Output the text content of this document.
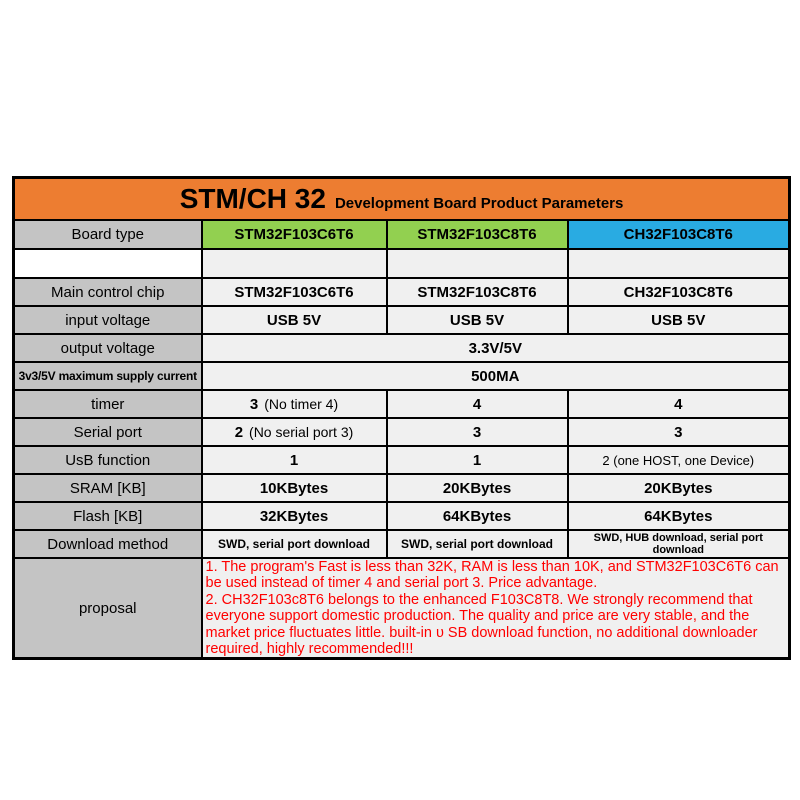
STM/CH 32 Development Board Product Parameters			

Board type	STM32F103C6T6	STM32F103C8T6	CH32F103C8T6

Main control chip	STM32F103C6T6	STM32F103C8T6	CH32F103C8T6
input voltage	USB 5V	USB 5V	USB 5V
output voltage	3.3V/5V		
3v3/5V maximum supply current	500MA		
timer	3 (No timer 4)	4	4
Serial port	2 (No serial port 3)	3	3
UsB function	1	1	2 (one HOST, one Device)
SRAM [KB]	10KBytes	20KBytes	20KBytes
Flash [KB]	32KBytes	64KBytes	64KBytes
Download method	SWD, serial port download	SWD, serial port download	SWD, HUB download, serial port download
proposal	1. The program's Fast is less than 32K, RAM is less than 10K, and STM32F103C6T6 can be used instead of timer 4 and serial port 3. Price advantage.
2. CH32F103c8T6 belongs to the enhanced F103C8T8. We strongly recommend that everyone support domestic production. The quality and price are very stable, and the market price fluctuates little. built-in υ SB download function, no additional downloader required, highly recommended!!!		
